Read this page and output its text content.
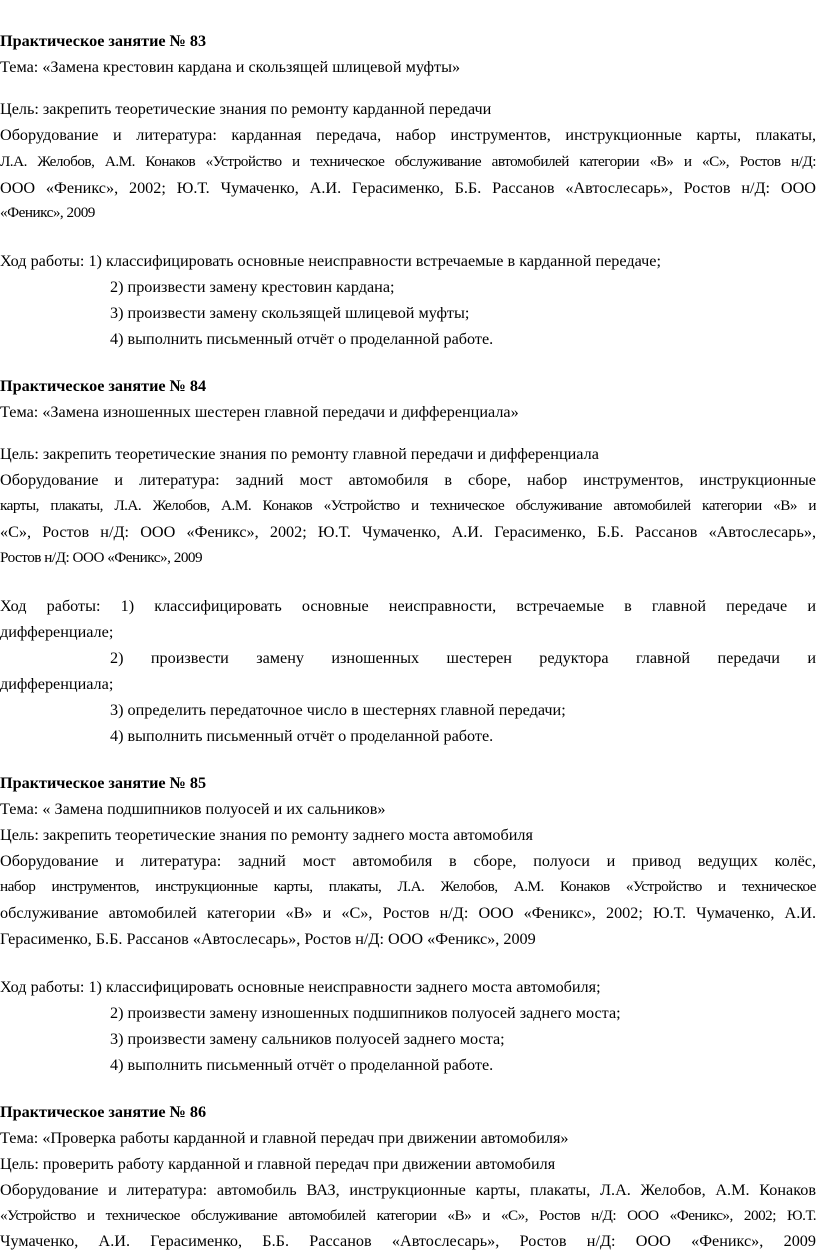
Практическое занятие № 83

Тема: «Замена крестовин кардана и скользящей шлицевой муфты»

Цель: закрепить теоретические знания по ремонту карданной передачи

Оборудование и литература: карданная передача, набор инструментов, инструкционные карты, плакаты,

Л.А. Желобов, А.М. Конаков «Устройство и техническое обслуживание автомобилей категории «В» и «С», Ростов н/Д:

ООО «Феникс», 2002; Ю.Т. Чумаченко, А.И. Герасименко, Б.Б. Рассанов «Автослесарь», Ростов н/Д: ООО

«Феникс», 2009

Ход работы: 1) классифицировать основные неисправности встречаемые в карданной передаче;

2) произвести замену крестовин кардана;

3) произвести замену скользящей шлицевой муфты;

4) выполнить письменный отчёт о проделанной работе.

Практическое занятие № 84

Тема: «Замена изношенных шестерен главной передачи и дифференциала»

Цель: закрепить теоретические знания по ремонту главной передачи и дифференциала

Оборудование и литература: задний мост автомобиля в сборе, набор инструментов, инструкционные

карты, плакаты, Л.А. Желобов, А.М. Конаков «Устройство и техническое обслуживание автомобилей категории «В» и

«С», Ростов н/Д: ООО «Феникс», 2002; Ю.Т. Чумаченко, А.И. Герасименко, Б.Б. Рассанов «Автослесарь»,

Ростов н/Д: ООО «Феникс», 2009

Ход работы: 1) классифицировать основные неисправности, встречаемые в главной передаче и

дифференциале;

2) произвести замену изношенных шестерен редуктора главной передачи и

дифференциала;

3) определить передаточное число в шестернях главной передачи;

4) выполнить письменный отчёт о проделанной работе.

Практическое занятие № 85

Тема: « Замена подшипников полуосей и их сальников»

Цель: закрепить теоретические знания по ремонту заднего моста автомобиля

Оборудование и литература: задний мост автомобиля в сборе, полуоси и привод ведущих колёс,

набор инструментов, инструкционные карты, плакаты, Л.А. Желобов, А.М. Конаков «Устройство и техническое

обслуживание автомобилей категории «В» и «С», Ростов н/Д: ООО «Феникс», 2002; Ю.Т. Чумаченко, А.И.

Герасименко, Б.Б. Рассанов «Автослесарь», Ростов н/Д: ООО «Феникс», 2009

Ход работы: 1) классифицировать основные неисправности заднего моста автомобиля;

2) произвести замену изношенных подшипников полуосей заднего моста;

3) произвести замену сальников полуосей заднего моста;

4) выполнить письменный отчёт о проделанной работе.

Практическое занятие № 86

Тема: «Проверка работы карданной и главной передач при движении автомобиля»

Цель: проверить работу карданной и главной передач при движении автомобиля

Оборудование и литература: автомобиль ВАЗ, инструкционные карты, плакаты, Л.А. Желобов, А.М. Конаков

«Устройство и техническое обслуживание автомобилей категории «В» и «С», Ростов н/Д: ООО «Феникс», 2002; Ю.Т.

Чумаченко, А.И. Герасименко, Б.Б. Рассанов «Автослесарь», Ростов н/Д: ООО «Феникс», 2009
